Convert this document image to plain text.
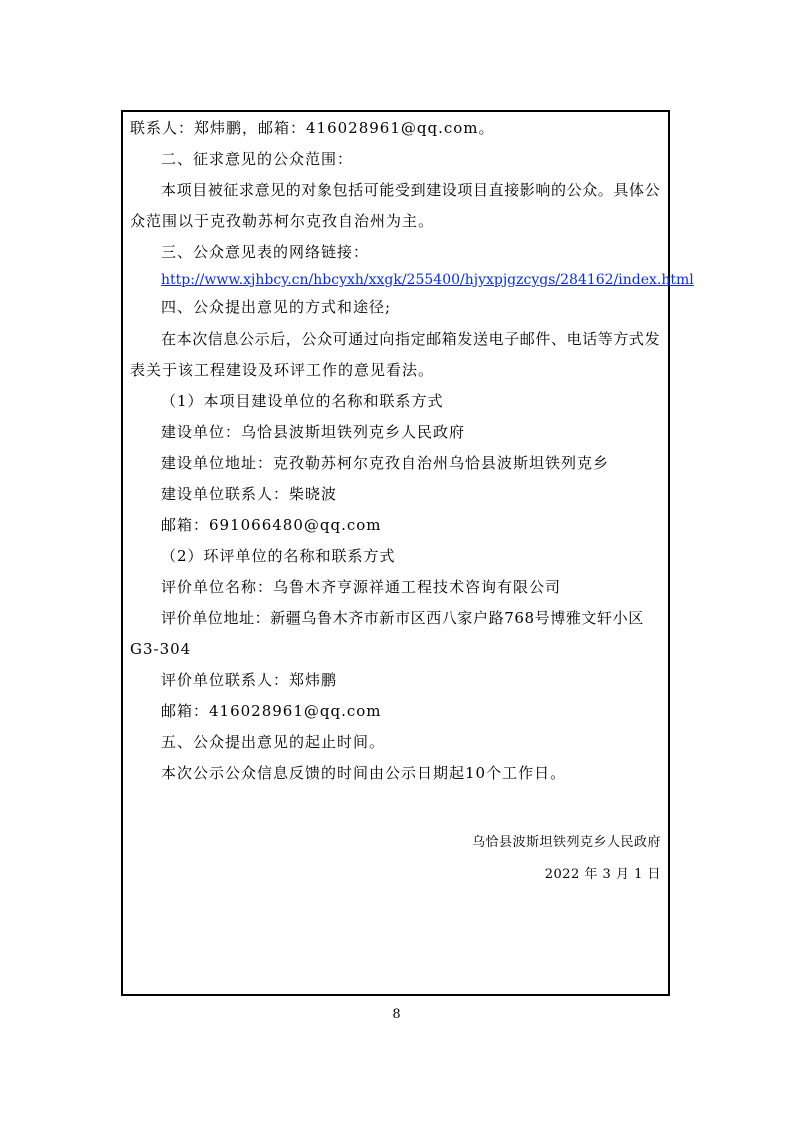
联系人：郑炜鹏，邮箱：416028961@qq.com。
二、征求意见的公众范围：
本项目被征求意见的对象包括可能受到建设项目直接影响的公众。具体公
众范围以于克孜勒苏柯尔克孜自治州为主。
三、公众意见表的网络链接：
http://www.xjhbcy.cn/hbcyxh/xxgk/255400/hjyxpjgzcygs/284162/index.html
四、公众提出意见的方式和途径;
在本次信息公示后，公众可通过向指定邮箱发送电子邮件、电话等方式发
表关于该工程建设及环评工作的意见看法。
（1）本项目建设单位的名称和联系方式
建设单位：乌恰县波斯坦铁列克乡人民政府
建设单位地址：克孜勒苏柯尔克孜自治州乌恰县波斯坦铁列克乡
建设单位联系人：柴晓波
邮箱：691066480@qq.com
（2）环评单位的名称和联系方式
评价单位名称：乌鲁木齐亨源祥通工程技术咨询有限公司
评价单位地址：新疆乌鲁木齐市新市区西八家户路768号博雅文轩小区
G3-304
评价单位联系人：郑炜鹏
邮箱：416028961@qq.com
五、公众提出意见的起止时间。
本次公示公众信息反馈的时间由公示日期起10个工作日。
乌恰县波斯坦铁列克乡人民政府
2022 年 3 月 1 日
8
